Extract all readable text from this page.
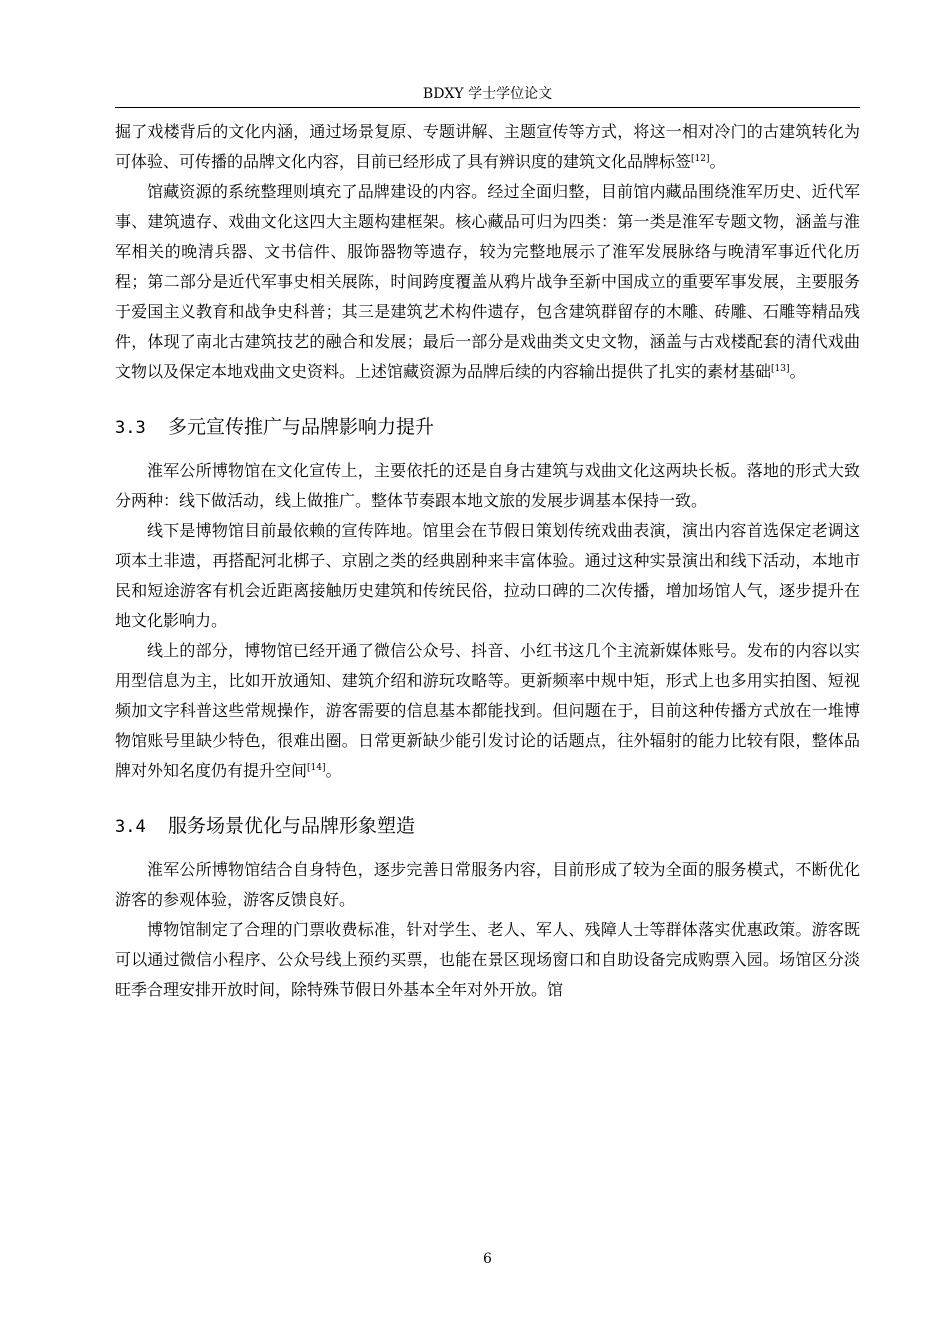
BDXY 学士学位论文

掘了戏楼背后的文化内涵，通过场景复原、专题讲解、主题宣传等方式，将这一相对冷门的古建筑转化为可体验、可传播的品牌文化内容，目前已经形成了具有辨识度的建筑文化品牌标签[12]。

馆藏资源的系统整理则填充了品牌建设的内容。经过全面归整，目前馆内藏品围绕淮军历史、近代军事、建筑遗存、戏曲文化这四大主题构建框架。核心藏品可归为四类：第一类是淮军专题文物，涵盖与淮军相关的晚清兵器、文书信件、服饰器物等遗存，较为完整地展示了淮军发展脉络与晚清军事近代化历程；第二部分是近代军事史相关展陈，时间跨度覆盖从鸦片战争至新中国成立的重要军事发展，主要服务于爱国主义教育和战争史科普；其三是建筑艺术构件遗存，包含建筑群留存的木雕、砖雕、石雕等精品残件，体现了南北古建筑技艺的融合和发展；最后一部分是戏曲类文史文物，涵盖与古戏楼配套的清代戏曲文物以及保定本地戏曲文史资料。上述馆藏资源为品牌后续的内容输出提供了扎实的素材基础[13]。

3.3 多元宣传推广与品牌影响力提升

淮军公所博物馆在文化宣传上，主要依托的还是自身古建筑与戏曲文化这两块长板。落地的形式大致分两种：线下做活动，线上做推广。整体节奏跟本地文旅的发展步调基本保持一致。

线下是博物馆目前最依赖的宣传阵地。馆里会在节假日策划传统戏曲表演，演出内容首选保定老调这项本土非遗，再搭配河北梆子、京剧之类的经典剧种来丰富体验。通过这种实景演出和线下活动，本地市民和短途游客有机会近距离接触历史建筑和传统民俗，拉动口碑的二次传播，增加场馆人气，逐步提升在地文化影响力。

线上的部分，博物馆已经开通了微信公众号、抖音、小红书这几个主流新媒体账号。发布的内容以实用型信息为主，比如开放通知、建筑介绍和游玩攻略等。更新频率中规中矩，形式上也多用实拍图、短视频加文字科普这些常规操作，游客需要的信息基本都能找到。但问题在于，目前这种传播方式放在一堆博物馆账号里缺少特色，很难出圈。日常更新缺少能引发讨论的话题点，往外辐射的能力比较有限，整体品牌对外知名度仍有提升空间[14]。

3.4 服务场景优化与品牌形象塑造

淮军公所博物馆结合自身特色，逐步完善日常服务内容，目前形成了较为全面的服务模式，不断优化游客的参观体验，游客反馈良好。

博物馆制定了合理的门票收费标准，针对学生、老人、军人、残障人士等群体落实优惠政策。游客既可以通过微信小程序、公众号线上预约买票，也能在景区现场窗口和自助设备完成购票入园。场馆区分淡旺季合理安排开放时间，除特殊节假日外基本全年对外开放。馆

6
